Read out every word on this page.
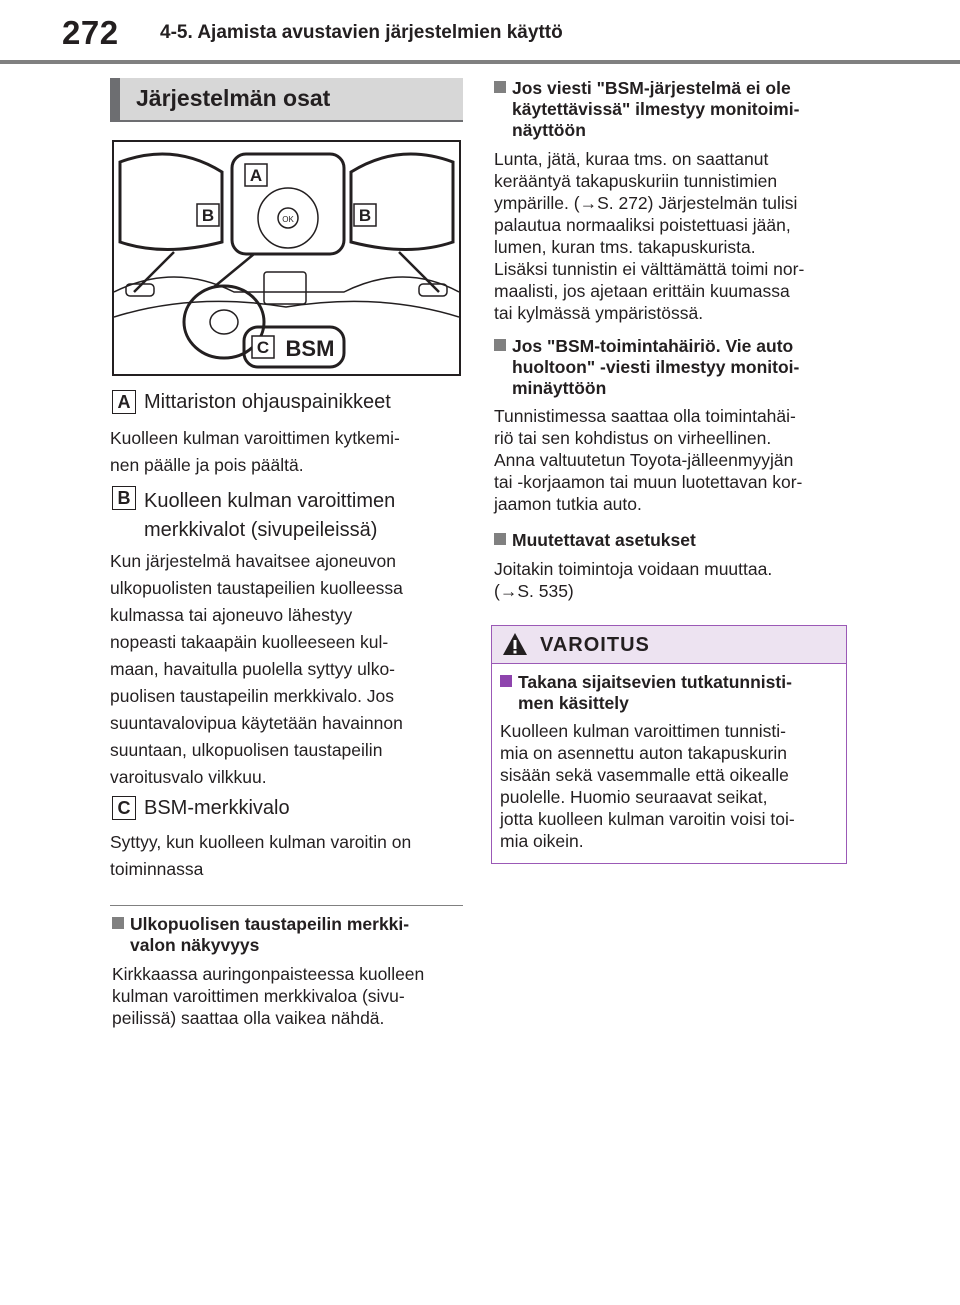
272 4-5. Ajamista avustavien järjestelmien käyttö
Järjestelmän osat
OK
A
B	B
C BSM
A Mittariston ohjauspainikkeet
Kuolleen kulman varoittimen kytkemi-
nen päälle ja pois päältä.
B Kuolleen kulman varoittimen
merkkivalot (sivupeileissä)
Kun järjestelmä havaitsee ajoneuvon
ulkopuolisten taustapeilien kuolleessa
kulmassa tai ajoneuvo lähestyy
nopeasti takaapäin kuolleeseen kul-
maan, havaitulla puolella syttyy ulko-
puolisen taustapeilin merkkivalo. Jos
suuntavalovipua käytetään havainnon
suuntaan, ulkopuolisen taustapeilin
varoitusvalo vilkkuu.
C BSM-merkkivalo
Syttyy, kun kuolleen kulman varoitin on
toiminnassa
Ulkopuolisen taustapeilin merkki-
valon näkyvyys
Kirkkaassa auringonpaisteessa kuolleen
kulman varoittimen merkkivaloa (sivu-
peilissä) saattaa olla vaikea nähdä.
Jos viesti "BSM-järjestelmä ei ole
käytettävissä" ilmestyy monitoimi-
näyttöön
Lunta, jätä, kuraa tms. on saattanut
kerääntyä takapuskuriin tunnistimien
ympärille. (→S. 272) Järjestelmän tulisi
palautua normaaliksi poistettuasi jään,
lumen, kuran tms. takapuskurista.
Lisäksi tunnistin ei välttämättä toimi nor-
maalisti, jos ajetaan erittäin kuumassa
tai kylmässä ympäristössä.
Jos "BSM-toimintahäiriö. Vie auto
huoltoon" -viesti ilmestyy monitoi-
minäyttöön
Tunnistimessa saattaa olla toimintahäi-
riö tai sen kohdistus on virheellinen.
Anna valtuutetun Toyota-jälleenmyyjän
tai -korjaamon tai muun luotettavan kor-
jaamon tutkia auto.
Muutettavat asetukset
Joitakin toimintoja voidaan muuttaa.
(→S. 535)
VAROITUS
Takana sijaitsevien tutkatunnisti-
men käsittely
Kuolleen kulman varoittimen tunnisti-
mia on asennettu auton takapuskurin
sisään sekä vasemmalle että oikealle
puolelle. Huomio seuraavat seikat,
jotta kuolleen kulman varoitin voisi toi-
mia oikein.
